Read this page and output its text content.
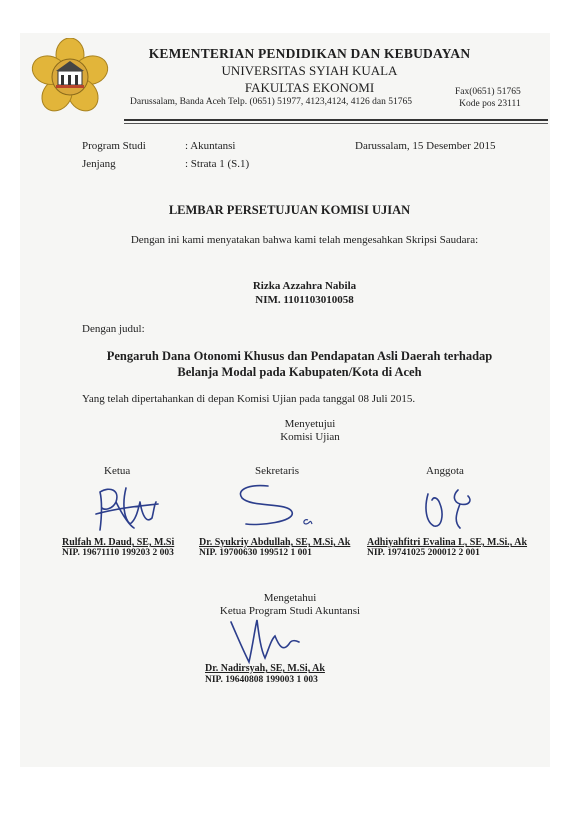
KEMENTERIAN PENDIDIKAN DAN KEBUDAYAN
UNIVERSITAS SYIAH KUALA
FAKULTAS EKONOMI
Darussalam, Banda Aceh Telp. (0651) 51977, 4123,4124, 4126 dan 51765
Fax(0651) 51765
Kode pos 23111
Program Studi	: Akuntansi
Jenjang	: Strata 1 (S.1)
Darussalam, 15 Desember 2015
LEMBAR PERSETUJUAN KOMISI UJIAN
Dengan ini kami menyatakan bahwa kami telah mengesahkan Skripsi Saudara:
Rizka Azzahra Nabila
NIM. 1101103010058
Dengan judul:
Pengaruh Dana Otonomi Khusus dan Pendapatan Asli Daerah terhadap
Belanja Modal pada Kabupaten/Kota di Aceh
Yang telah dipertahankan di depan Komisi Ujian pada tanggal 08 Juli 2015.
Menyetujui
Komisi Ujian
Ketua	Sekretaris	Anggota
Rulfah M. Daud, SE, M.Si
NIP. 19671110 199203 2 003
Dr. Syukriy Abdullah, SE, M.Si, Ak
NIP. 19700630 199512 1 001
Adhiyahfitri Evalina L, SE, M.Si., Ak
NIP. 19741025 200012 2 001
Mengetahui
Ketua Program Studi Akuntansi
Dr. Nadirsyah, SE, M.Si, Ak
NIP. 19640808 199003 1 003
